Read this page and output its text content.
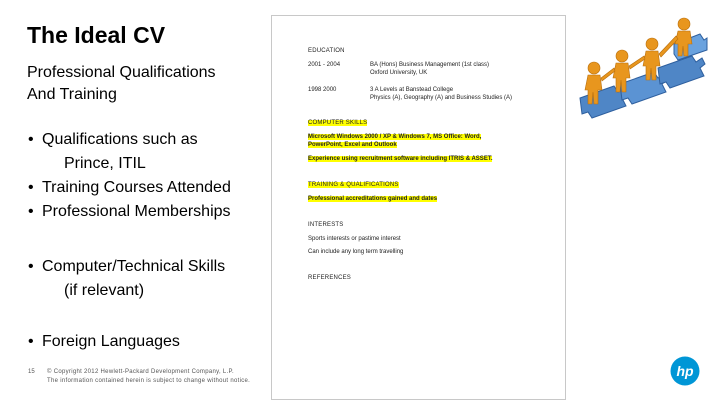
The Ideal CV
Professional Qualifications
And Training
• Qualifications such as
Prince, ITIL
• Training Courses Attended
• Professional Memberships
• Computer/Technical Skills
(if relevant)
• Foreign Languages
15 © Copyright 2012 Hewlett-Packard Development Company, L.P.
The information contained herein is subject to change without notice.
EDUCATION
2001 - 2004	BA (Hons) Business Management (1st class)
Oxford University, UK
1998 2000	3 A Levels at Banstead College
Physics (A), Geography (A) and Business Studies (A)
COMPUTER SKILLS
Microsoft Windows 2000 / XP & Windows 7, MS Office: Word,
PowerPoint, Excel and Outlook
Experience using recruitment software including ITRIS & ASSET.
TRAINING & QUALIFICATIONS
Professional accreditations gained and dates
INTERESTS
Sports interests or pastime interest
Can include any long term travelling
REFERENCES
hp
